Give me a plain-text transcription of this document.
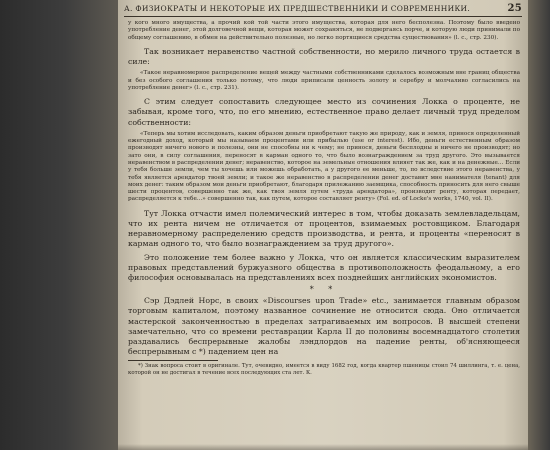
А. ФИЗИОКРАТЫ И НЕКОТОРЫЕ ИХ ПРЕДШЕСТВЕННИКИ И СОВРЕМЕННИКИ.	25

у кого много имущества, а прочий кой той части этого имущества, которая для него бесполезна. Поэтому было введено употребление денег, этой долговечной вещи, которая может сохраняться, не подвергаясь порче, и которую люди принимали по общему соглашению, в обмен на действительно полезные, но легко портящиеся средства существования» (l. c., стр. 230).

Так возникает неравенство частной собственности, но мерило личного труда остается в силе:

«Такое неравномерное распределение вещей между частными собственниками сделалось возможным вне границ общества и без особого соглашения только потому, что люди приписали ценность золоту и серебру и молчаливо согласились на употребление денег» (l. c., стр. 231).

С этим следует сопоставить следующее место из сочинения Локка о проценте, не забывая, кроме того, что, по его мнению, естественное право делает личный труд пределом собственности:

«Теперь мы хотим исследовать, каким образом деньги приобретают такую же природу, как и земля, принося определенный ежегодный доход, который мы называем процентами или прибылью (use or interest). Ибо, деньги естественным образом производят ничего нового и полезны, они не способны ни к чему; не принося, деньги бесплодны и ничего не производят; но зато они, в силу соглашения, переносят в карман одного то, что было вознаграждением за труд другого. Это вызывается неравенством в распределении денег; неравенство, которое на земельные отношения влияет так же, как и на денежные... Если у тебя больше земли, чем ты хочешь или можешь обработать, а у другого ее меньше, то, по вследствие этого неравенства, у тебя является арендатор твоей земли; и такое же неравенство в распределении денег доставит мне нанимателя (tenant) для моих денег: таким образом мои деньги приобретают, благодаря прилежанию заемщика, способность приносить для него свыше шести процентов, совершенно так же, как твоя земля путем «труда арендатора», производит ренту, которая передает, распределяется к тебе...» совершенно так, как путем, которое составляет ренту» (Fol. ed. of Locke's works, 1740, vol. II).

Тут Локка отчасти имел полемический интерес в том, чтобы доказать землевладельцам, что их рента ничем не отличается от процентов, взимаемых ростовщиком. Благодаря неравномерному распределению средств производства, и рента, и проценты «переносят в карман одного то, что было вознаграждением за труд другого».

Это положение тем более важно у Локка, что он является классическим выразителем правовых представлений буржуазного общества в противоположность феодальному, а его философия основывалась на представлениях всех позднейших английских экономистов.

* *

Сэр Дэдлей Норс, в своих «Discourses upon Trade» etc., занимается главным образом торговым капиталом, поэтому названное сочинение не относится сюда. Оно отличается мастерской законченностью в пределах затрагиваемых им вопросов. В высшей степени замечательно, что со времени реставрации Карла II до половины восемнадцатого столетия раздавались беспрерывные жалобы лэндлордов на падение ренты, об'ясняющееся беспрерывным с *) падением цен на

*) Знак вопроса стоит в оригинале. Тут, очевидно, имеется в виду 1682 год, когда квартер пшеницы стоил 74 шиллинга, т. е. цена, которой он не достигал в течение всех последующих ста лет. К.
